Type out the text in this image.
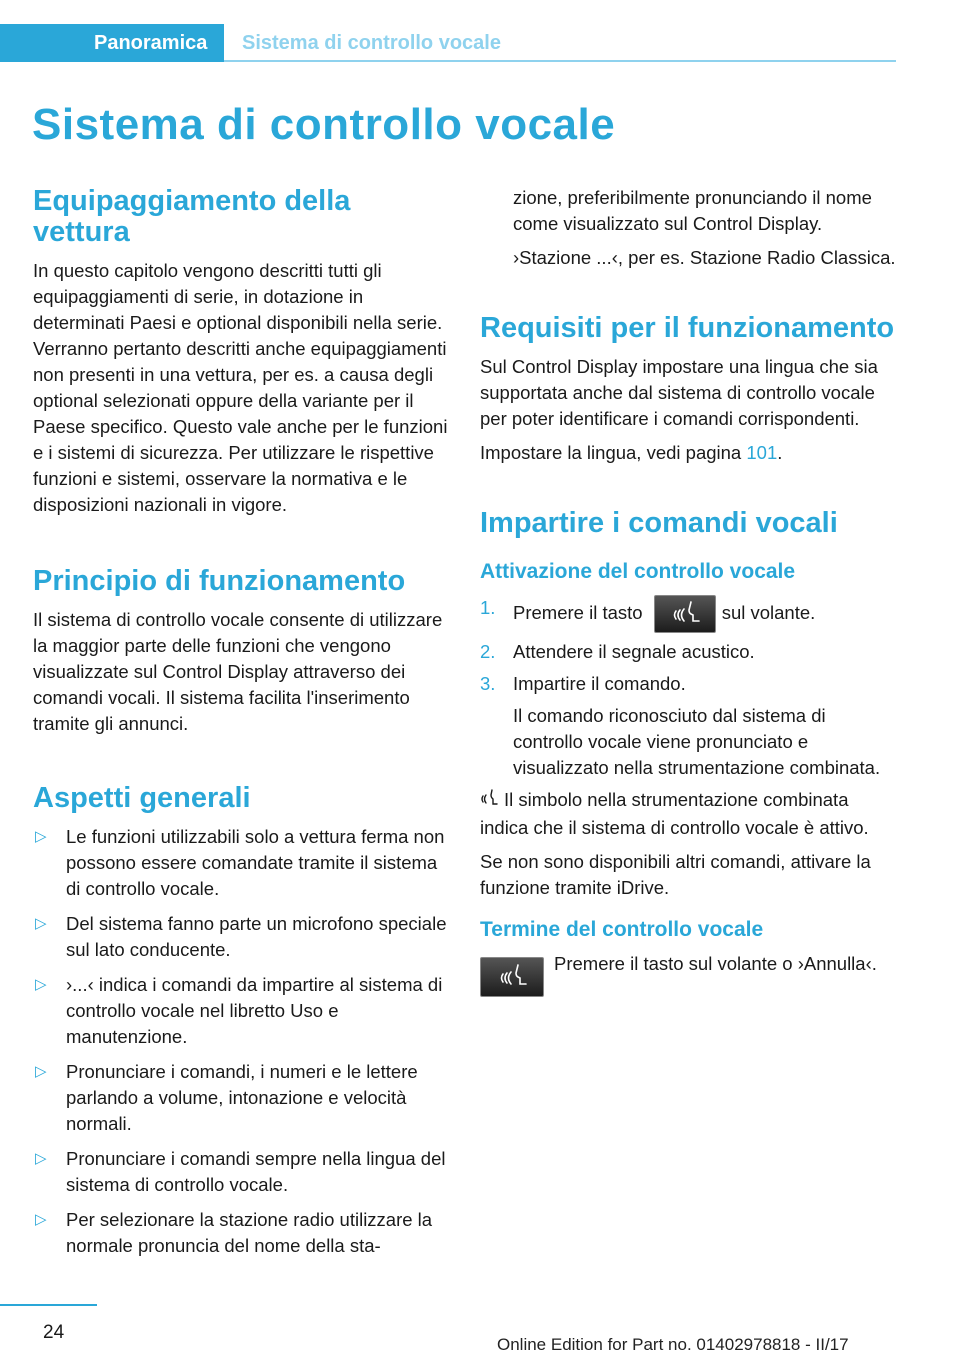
Panoramica Sistema di controllo vocale
Sistema di controllo vocale
Equipaggiamento della vettura

In questo capitolo vengono descritti tutti gli equipaggiamenti di serie, in dotazione in determinati Paesi e optional disponibili nella serie. Verranno pertanto descritti anche equipaggiamenti non presenti in una vettura, per es. a causa degli optional selezionati oppure della variante per il Paese specifico. Questo vale anche per le funzioni e i sistemi di sicurezza. Per utilizzare le rispettive funzioni e sistemi, osservare la normativa e le disposizioni nazionali in vigore.

Principio di funzionamento

Il sistema di controllo vocale consente di utilizzare la maggior parte delle funzioni che vengono visualizzate sul Control Display attraverso dei comandi vocali. Il sistema facilita l'inserimento tramite gli annunci.

Aspetti generali
▷ Le funzioni utilizzabili solo a vettura ferma non possono essere comandate tramite il sistema di controllo vocale.
▷ Del sistema fanno parte un microfono speciale sul lato conducente.
▷ ›...‹ indica i comandi da impartire al sistema di controllo vocale nel libretto Uso e manutenzione.
▷ Pronunciare i comandi, i numeri e le lettere parlando a volume, intonazione e velocità normali.
▷ Pronunciare i comandi sempre nella lingua del sistema di controllo vocale.
▷ Per selezionare la stazione radio utilizzare la normale pronuncia del nome della sta-

zione, preferibilmente pronunciando il nome come visualizzato sul Control Display.

›Stazione ...‹, per es. Stazione Radio Classica.

Requisiti per il funzionamento

Sul Control Display impostare una lingua che sia supportata anche dal sistema di controllo vocale per poter identificare i comandi corrispondenti.

Impostare la lingua, vedi pagina 101.

Impartire i comandi vocali
Attivazione del controllo vocale
1. Premere il tasto	sul volante.
2. Attendere il segnale acustico.
3. Impartire il comando.
Il comando riconosciuto dal sistema di controllo vocale viene pronunciato e visualizzato nella strumentazione combinata.

Il simbolo nella strumentazione combinata indica che il sistema di controllo vocale è attivo.

Se non sono disponibili altri comandi, attivare la funzione tramite iDrive.

Termine del controllo vocale
Premere il tasto sul volante o ›Annulla‹.
24
Online Edition for Part no. 01402978818 - II/17
